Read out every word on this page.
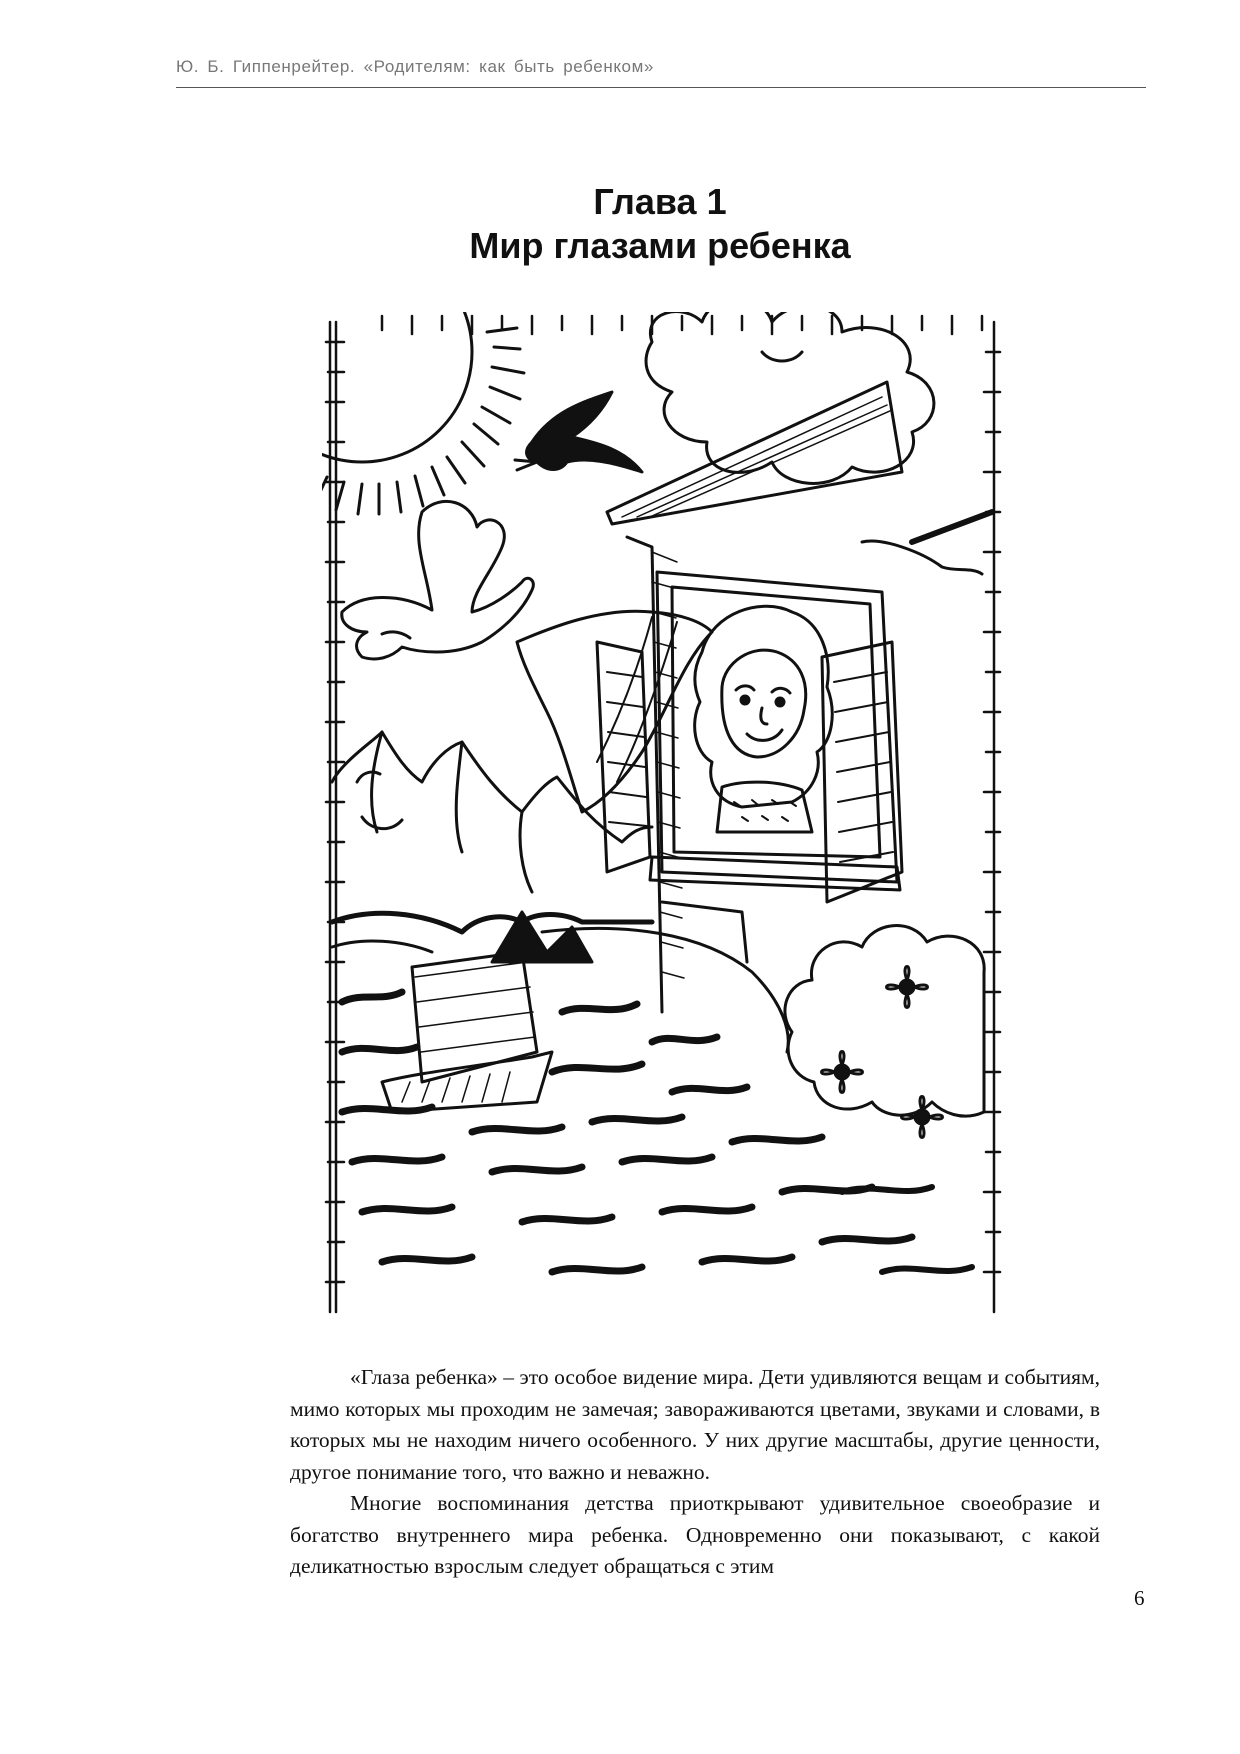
Ю. Б. Гиппенрейтер. «Родителям: как быть ребенком»
Глава 1
Мир глазами ребенка

«Глаза ребенка» – это особое видение мира. Дети удивляются вещам и событиям, мимо которых мы проходим не замечая; завораживаются цветами, звуками и словами, в которых мы не находим ничего особенного. У них другие масштабы, другие ценности, другое понимание того, что важно и неважно.

Многие воспоминания детства приоткрывают удивительное своеобразие и богатство внутреннего мира ребенка. Одновременно они показывают, с какой деликатностью взрослым следует обращаться с этим

6
